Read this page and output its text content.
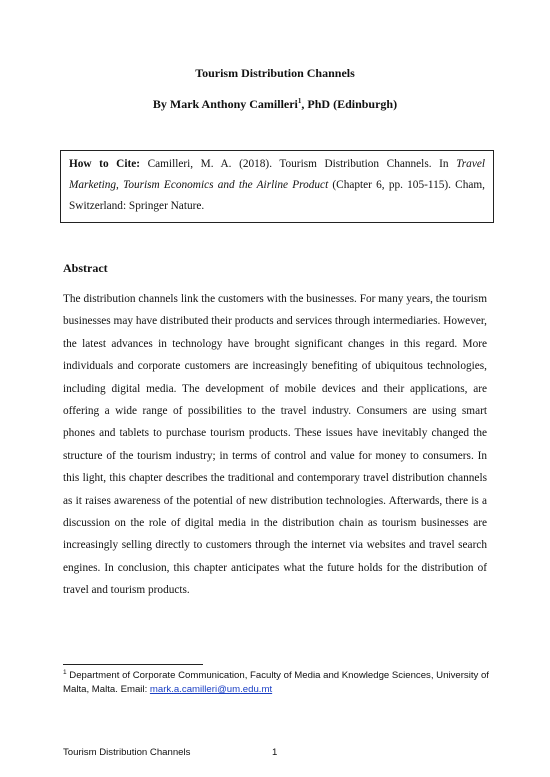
Tourism Distribution Channels
By Mark Anthony Camilleri$^1$, PhD (Edinburgh)
How to Cite: Camilleri, M. A. (2018). Tourism Distribution Channels. In Travel Marketing, Tourism Economics and the Airline Product (Chapter 6, pp. 105-115). Cham, Switzerland: Springer Nature.
Abstract
The distribution channels link the customers with the businesses. For many years, the tourism businesses may have distributed their products and services through intermediaries. However, the latest advances in technology have brought significant changes in this regard. More individuals and corporate customers are increasingly benefiting of ubiquitous technologies, including digital media. The development of mobile devices and their applications, are offering a wide range of possibilities to the travel industry. Consumers are using smart phones and tablets to purchase tourism products. These issues have inevitably changed the structure of the tourism industry; in terms of control and value for money to consumers. In this light, this chapter describes the traditional and contemporary travel distribution channels as it raises awareness of the potential of new distribution technologies. Afterwards, there is a discussion on the role of digital media in the distribution chain as tourism businesses are increasingly selling directly to customers through the internet via websites and travel search engines. In conclusion, this chapter anticipates what the future holds for the distribution of travel and tourism products.
$^1$ Department of Corporate Communication, Faculty of Media and Knowledge Sciences, University of Malta, Malta. Email: mark.a.camilleri@um.edu.mt
Tourism Distribution Channels	1
